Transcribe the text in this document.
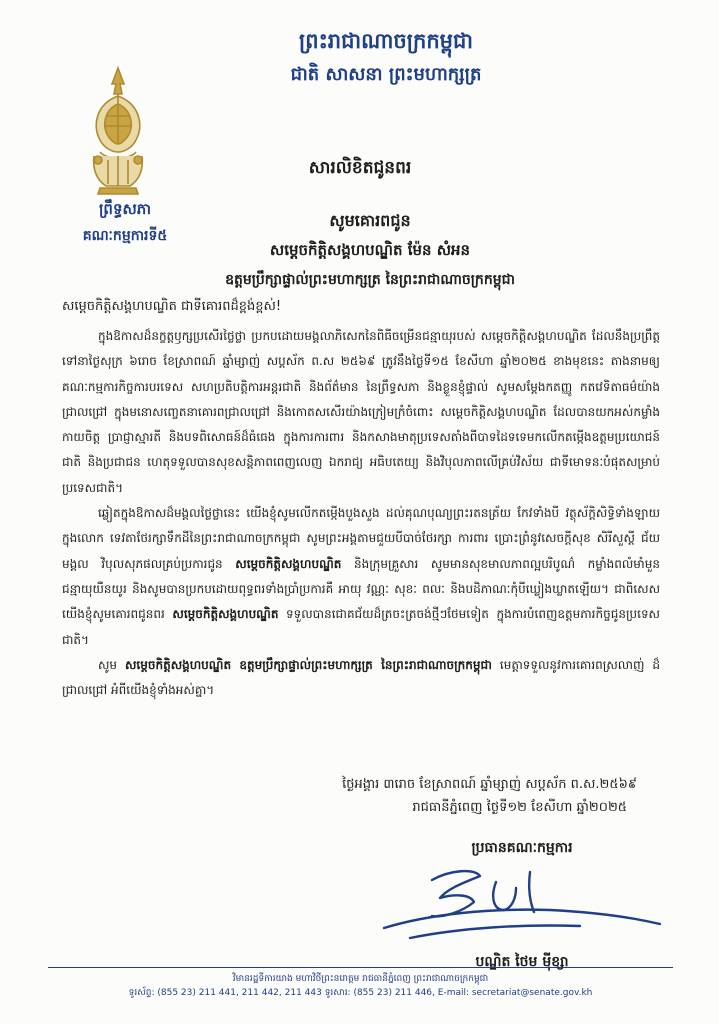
ព្រះរាជាណាចក្រកម្ពុជា
ជាតិ សាសនា ព្រះមហាក្សត្រ
ព្រឹទ្ធសភា
គណៈកម្មការទី៥
សារលិខិតជូនពរ
សូមគោរពជូន
សម្ដេចកិត្តិសង្គហបណ្ឌិត ម៉ែន សំអន
ឧត្តមប្រឹក្សាផ្ទាល់ព្រះមហាក្សត្រ នៃព្រះរាជាណាចក្រកម្ពុជា
សម្ដេចកិត្តិសង្គហបណ្ឌិត ជាទីគោរពដ៏ខ្ពង់ខ្ពស់!

ក្នុងឱកាសដ៏នក្ខត្តឫក្សប្រសើរថ្លៃថ្លា ប្រកបដោយមង្គលាភិសេកនៃពិធីចម្រើនជន្មាយុរបស់ សម្ដេចកិត្តិសង្គហបណ្ឌិត ដែលនឹងប្រព្រឹត្តទៅនាថ្ងៃសុក្រ ៦រោច ខែស្រាពណ៍ ឆ្នាំម្សាញ់ សប្តស័ក ព.ស ២៥៦៩ ត្រូវនឹងថ្ងៃទី១៥ ខែសីហា ឆ្នាំ២០២៥ ខាងមុខនេះ តាងនាមឲ្យគណៈកម្មការកិច្ចការបរទេស សហប្រតិបត្តិការអន្តរជាតិ និងព័ត៌មាន នៃព្រឹទ្ធសភា និងខ្លួនខ្ញុំផ្ទាល់ សូមសម្ដែងកតញ្ញូ កតវេទិតាធម៌យ៉ាងជ្រាលជ្រៅ ក្នុងមនោសញ្ចេតនាគោរពជ្រាលជ្រៅ និងកោតសសើរយ៉ាងក្រៀមក្រំចំពោះ សម្ដេចកិត្តិសង្គហបណ្ឌិត ដែលបានយកអស់កម្លាំងកាយចិត្ត ប្រាជ្ញាស្មារតី និងបទពិសោធន៍ដ៏ធំធេង ក្នុងការការពារ និងកសាងមាតុប្រទេសតាំងពីបាទដៃទទេមកលើកតម្កើងឧត្តមប្រយោជន៍ជាតិ និងប្រជាជន ហេតុទទួលបានសុខសន្តិភាពពេញលេញ ឯករាជ្យ អធិបតេយ្យ និងវិបុលភាពលើគ្រប់វិស័យ ជាទីមោទនៈបំផុតសម្រាប់ប្រទេសជាតិ។

ឆ្លៀតក្នុងឱកាសដ៏មង្គលថ្លៃថ្លានេះ យើងខ្ញុំសូមលើកតម្កើងបួងសួង ដល់គុណបុណ្យព្រះរតនត្រ័យ កែវទាំងបី វត្ថុស័ក្តិសិទ្ធិទាំងឡាយក្នុងលោក ទេវតាថែរក្សាទឹកដីនៃព្រះរាជាណាចក្រកម្ពុជា សូមព្រះអង្គតាមជួយបីបាច់ថែរក្សា ការពារ ប្រោះព្រំនូវសេចក្ដីសុខ សិរីសួស្ដី ជ័យមង្គល វិបុលសុភផលគ្រប់ប្រការជូន សម្ដេចកិត្តិសង្គហបណ្ឌិត និងក្រុមគ្រួសារ សូមមានសុខមាលភាពល្អបរិបូណ៌ កម្លាំងពលំមាំមួន ជន្មាយុយឺនយូរ និងសូមបានប្រកបដោយពុទ្ធពរទាំងប្រាំប្រការគឺ អាយុ វណ្ណៈ សុខៈ ពលៈ និងបដិភាណៈកុំបីឃ្លៀងឃ្លាតឡើយ។ ជាពិសេសយើងខ្ញុំសូមគោរពជូនពរ សម្ដេចកិត្តិសង្គហបណ្ឌិត ទទួលបានជោគជ័យដ៏ត្រចះត្រចង់ថ្មីៗថែមទៀត ក្នុងការបំពេញឧត្តមភារកិច្ចជូនប្រទេសជាតិ។

សូម សម្ដេចកិត្តិសង្គហបណ្ឌិត ឧត្តមប្រឹក្សាផ្ទាល់ព្រះមហាក្សត្រ នៃព្រះរាជាណាចក្រកម្ពុជា មេត្តាទទួលនូវការគោរពស្រលាញ់ ដ៏ជ្រាលជ្រៅ អំពីយើងខ្ញុំទាំងអស់គ្នា។

ថ្ងៃអង្គារ ៣រោច ខែស្រាពណ៍ ឆ្នាំម្សាញ់ សប្តស័ក ព.ស.២៥៦៩
រាជធានីភ្នំពេញ ថ្ងៃទី១២ ខែសីហា ឆ្នាំ២០២៥
ប្រធានគណៈកម្មការ
បណ្ឌិត ថៃម ម៉ីខ្សា
វិមានរដ្ឋទីការយាង មហាវិថីព្រះនរោត្តម រាជធានីភ្នំពេញ ព្រះរាជាណាចក្រកម្ពុជា
ទូរស័ព្ទ: (855 23) 211 441, 211 442, 211 443 ទូរសារ: (855 23) 211 446, E-mail: secretariat@senate.gov.kh
